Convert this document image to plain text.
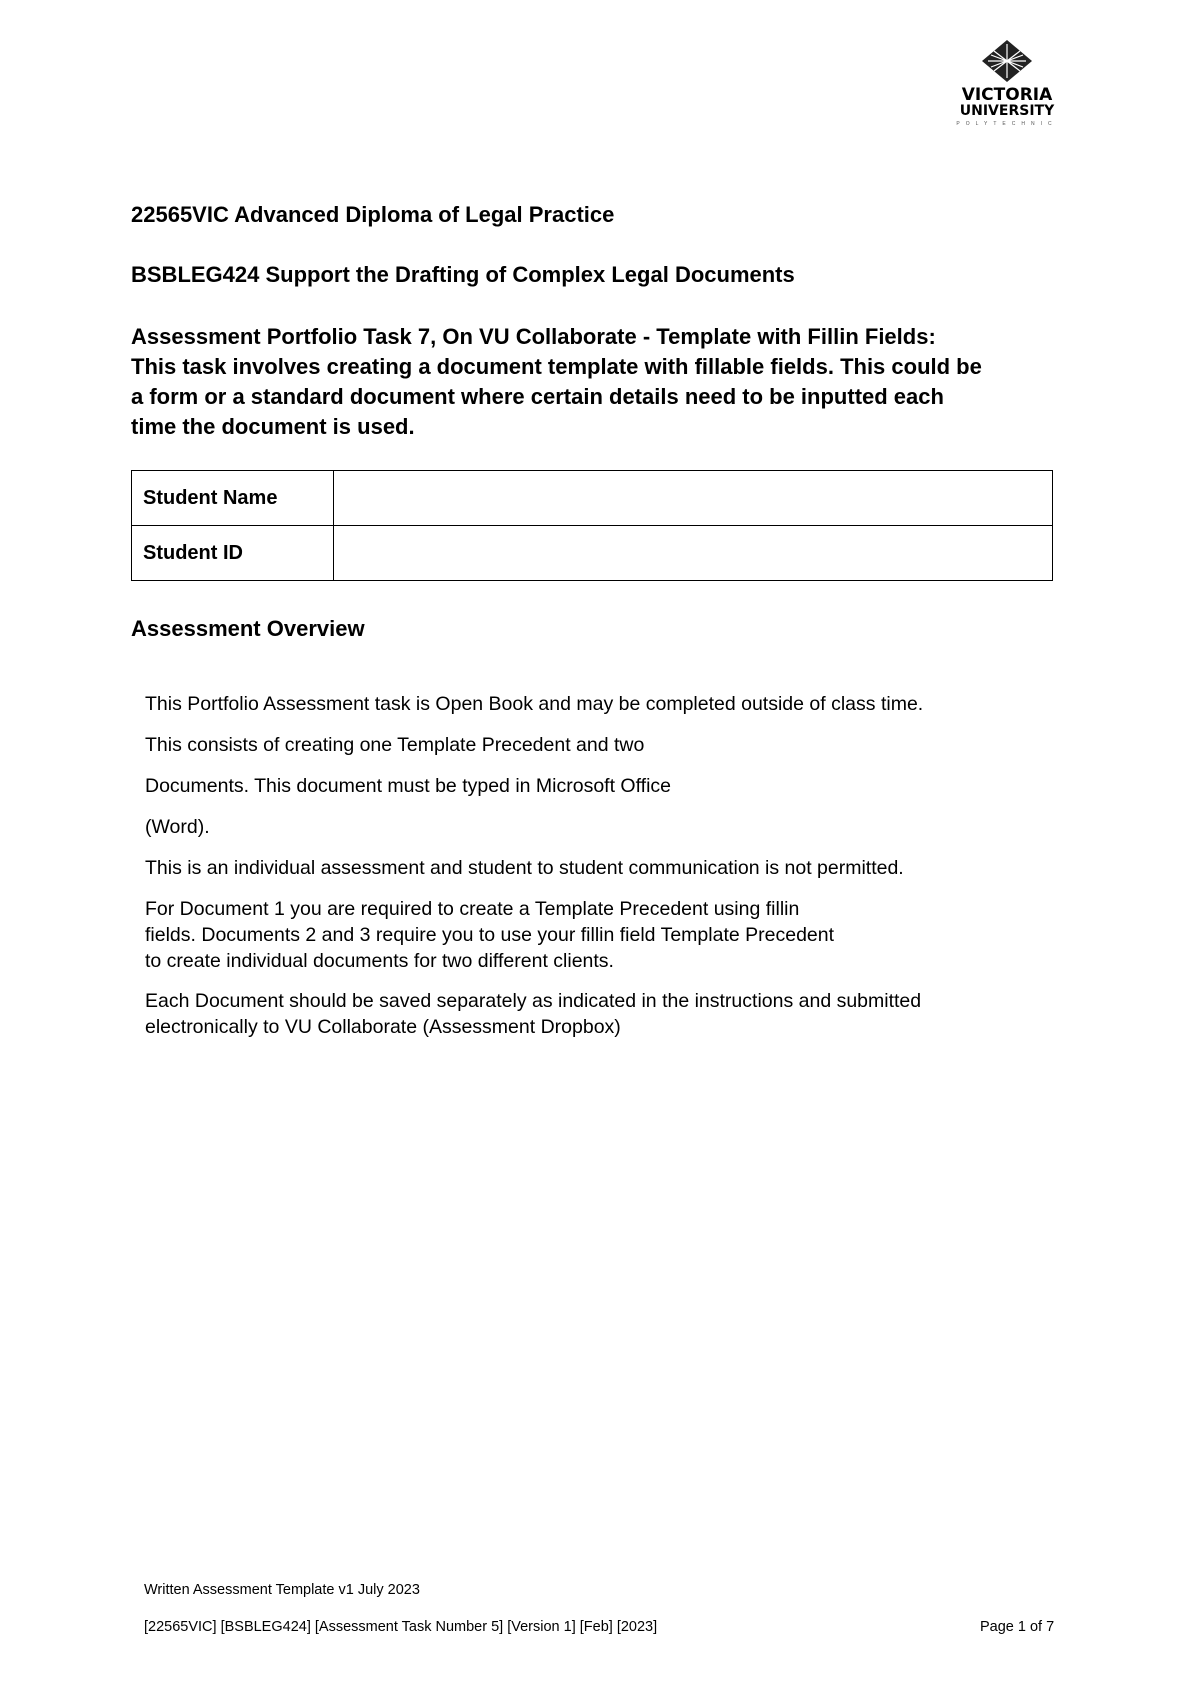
VICTORIA
UNIVERSITY
POLYTECHNIC
22565VIC Advanced Diploma of Legal Practice
BSBLEG424 Support the Drafting of Complex Legal Documents
Assessment Portfolio Task 7, On VU Collaborate - Template with Fillin Fields:
This task involves creating a document template with fillable fields. This could be
a form or a standard document where certain details need to be inputted each
time the document is used.
Student Name	
Student ID	
Assessment Overview
This Portfolio Assessment task is Open Book and may be completed outside of class time.
This consists of creating one Template Precedent and two
Documents. This document must be typed in Microsoft Office
(Word).
This is an individual assessment and student to student communication is not permitted.
For Document 1 you are required to create a Template Precedent using fillin
fields. Documents 2 and 3 require you to use your fillin field Template Precedent
to create individual documents for two different clients.
Each Document should be saved separately as indicated in the instructions and submitted
electronically to VU Collaborate (Assessment Dropbox)
Written Assessment Template v1 July 2023
[22565VIC] [BSBLEG424] [Assessment Task Number 5] [Version 1] [Feb] [2023]	Page 1 of 7
